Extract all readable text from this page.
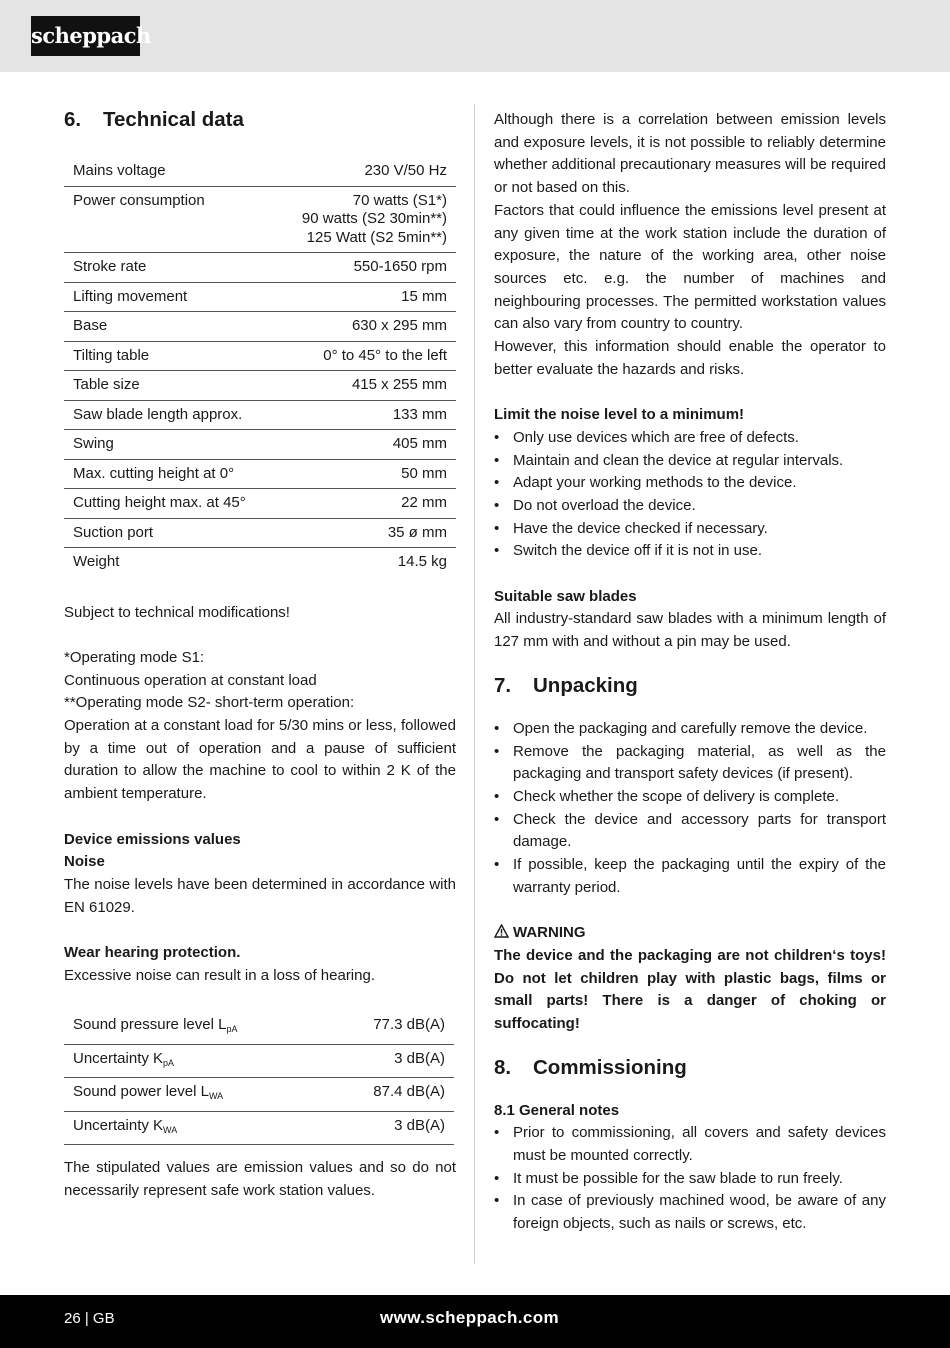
scheppach
6.	Technical data
Mains voltage	230 V/50 Hz
Power consumption	70 watts (S1*)
90 watts (S2 30min**)
125 Watt (S2 5min**)
Stroke rate	550-1650 rpm
Lifting movement	15 mm
Base	630 x 295 mm
Tilting table	0° to 45° to the left
Table size	415 x 255 mm
Saw blade length approx.	133 mm
Swing	405 mm
Max. cutting height at 0°	50 mm
Cutting height max. at 45°	22 mm
Suction port	35 ø mm
Weight	14.5 kg

Subject to technical modifications!

*Operating mode S1:

Continuous operation at constant load

**Operating mode S2- short-term operation:

Operation at a constant load for 5/30 mins or less, followed by a time out of operation and a pause of sufficient duration to allow the machine to cool to within 2 K of the ambient temperature.

Device emissions values

Noise

The noise levels have been determined in accordance with EN 61029.

Wear hearing protection.

Excessive noise can result in a loss of hearing.

Sound pressure level $L_{pA}$	77.3 dB(A)
Uncertainty $K_{pA}$	3 dB(A)
Sound power level $L_{WA}$	87.4 dB(A)
Uncertainty $K_{WA}$	3 dB(A)

The stipulated values are emission values and so do not necessarily represent safe work station values.

Although there is a correlation between emission levels and exposure levels, it is not possible to reliably determine whether additional precautionary measures will be required or not based on this.

Factors that could influence the emissions level present at any given time at the work station include the duration of exposure, the nature of the working area, other noise sources etc. e.g. the number of machines and neighbouring processes. The permitted workstation values can also vary from country to country.

However, this information should enable the operator to better evaluate the hazards and risks.

Limit the noise level to a minimum!

• Only use devices which are free of defects.
• Maintain and clean the device at regular intervals.
• Adapt your working methods to the device.
• Do not overload the device.
• Have the device checked if necessary.
• Switch the device off if it is not in use.

Suitable saw blades

All industry-standard saw blades with a minimum length of 127 mm with and without a pin may be used.

7.	Unpacking
• Open the packaging and carefully remove the device.
• Remove the packaging material, as well as the packaging and transport safety devices (if present).
• Check whether the scope of delivery is complete.
• Check the device and accessory parts for transport damage.
• If possible, keep the packaging until the expiry of the warranty period.

WARNING

The device and the packaging are not children‘s toys! Do not let children play with plastic bags, films or small parts! There is a danger of choking or suffocating!

8.	Commissioning

8.1 General notes

• Prior to commissioning, all covers and safety devices must be mounted correctly.
• It must be possible for the saw blade to run freely.
• In case of previously machined wood, be aware of any foreign objects, such as nails or screws, etc.
26 | GB	www.scheppach.com
